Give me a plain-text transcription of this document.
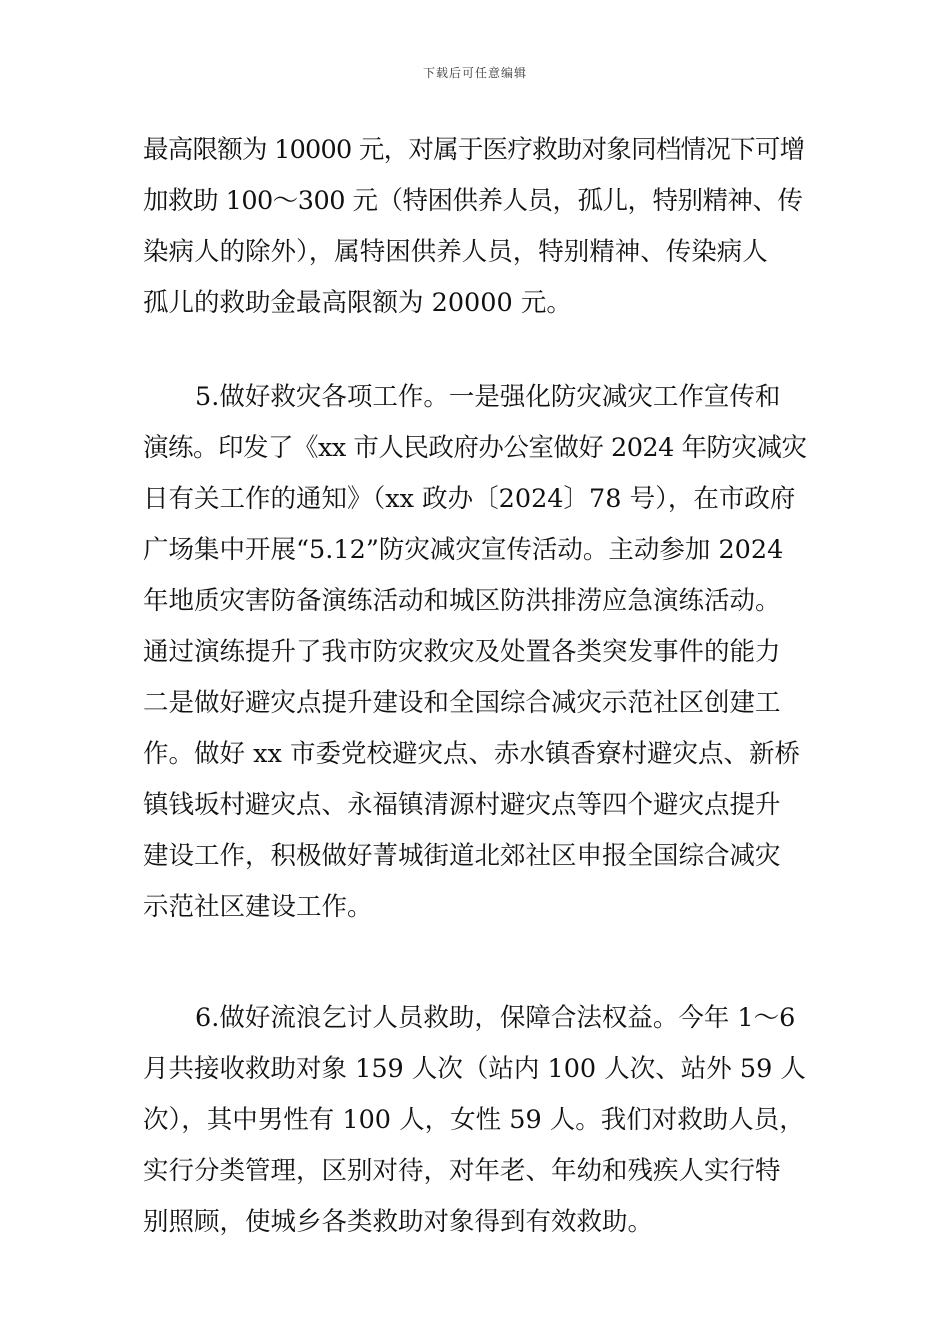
下载后可任意编辑
最高限额为 10000 元，对属于医疗救助对象同档情况下可增
加救助 100～300 元（特困供养人员，孤儿，特别精神、传
染病人的除外），属特困供养人员，特别精神、传染病人
孤儿的救助金最高限额为 20000 元。
5.做好救灾各项工作。一是强化防灾减灾工作宣传和
演练。印发了《xx 市人民政府办公室做好 2024 年防灾减灾
日有关工作的通知》（xx 政办〔2024〕78 号），在市政府
广场集中开展“5.12”防灾减灾宣传活动。主动参加 2024
年地质灾害防备演练活动和城区防洪排涝应急演练活动。
通过演练提升了我市防灾救灾及处置各类突发事件的能力
二是做好避灾点提升建设和全国综合减灾示范社区创建工
作。做好 xx 市委党校避灾点、赤水镇香寮村避灾点、新桥
镇钱坂村避灾点、永福镇清源村避灾点等四个避灾点提升
建设工作，积极做好菁城街道北郊社区申报全国综合减灾
示范社区建设工作。
6.做好流浪乞讨人员救助，保障合法权益。今年 1～6
月共接收救助对象 159 人次（站内 100 人次、站外 59 人
次），其中男性有 100 人，女性 59 人。我们对救助人员，
实行分类管理，区别对待，对年老、年幼和残疾人实行特
别照顾，使城乡各类救助对象得到有效救助。
